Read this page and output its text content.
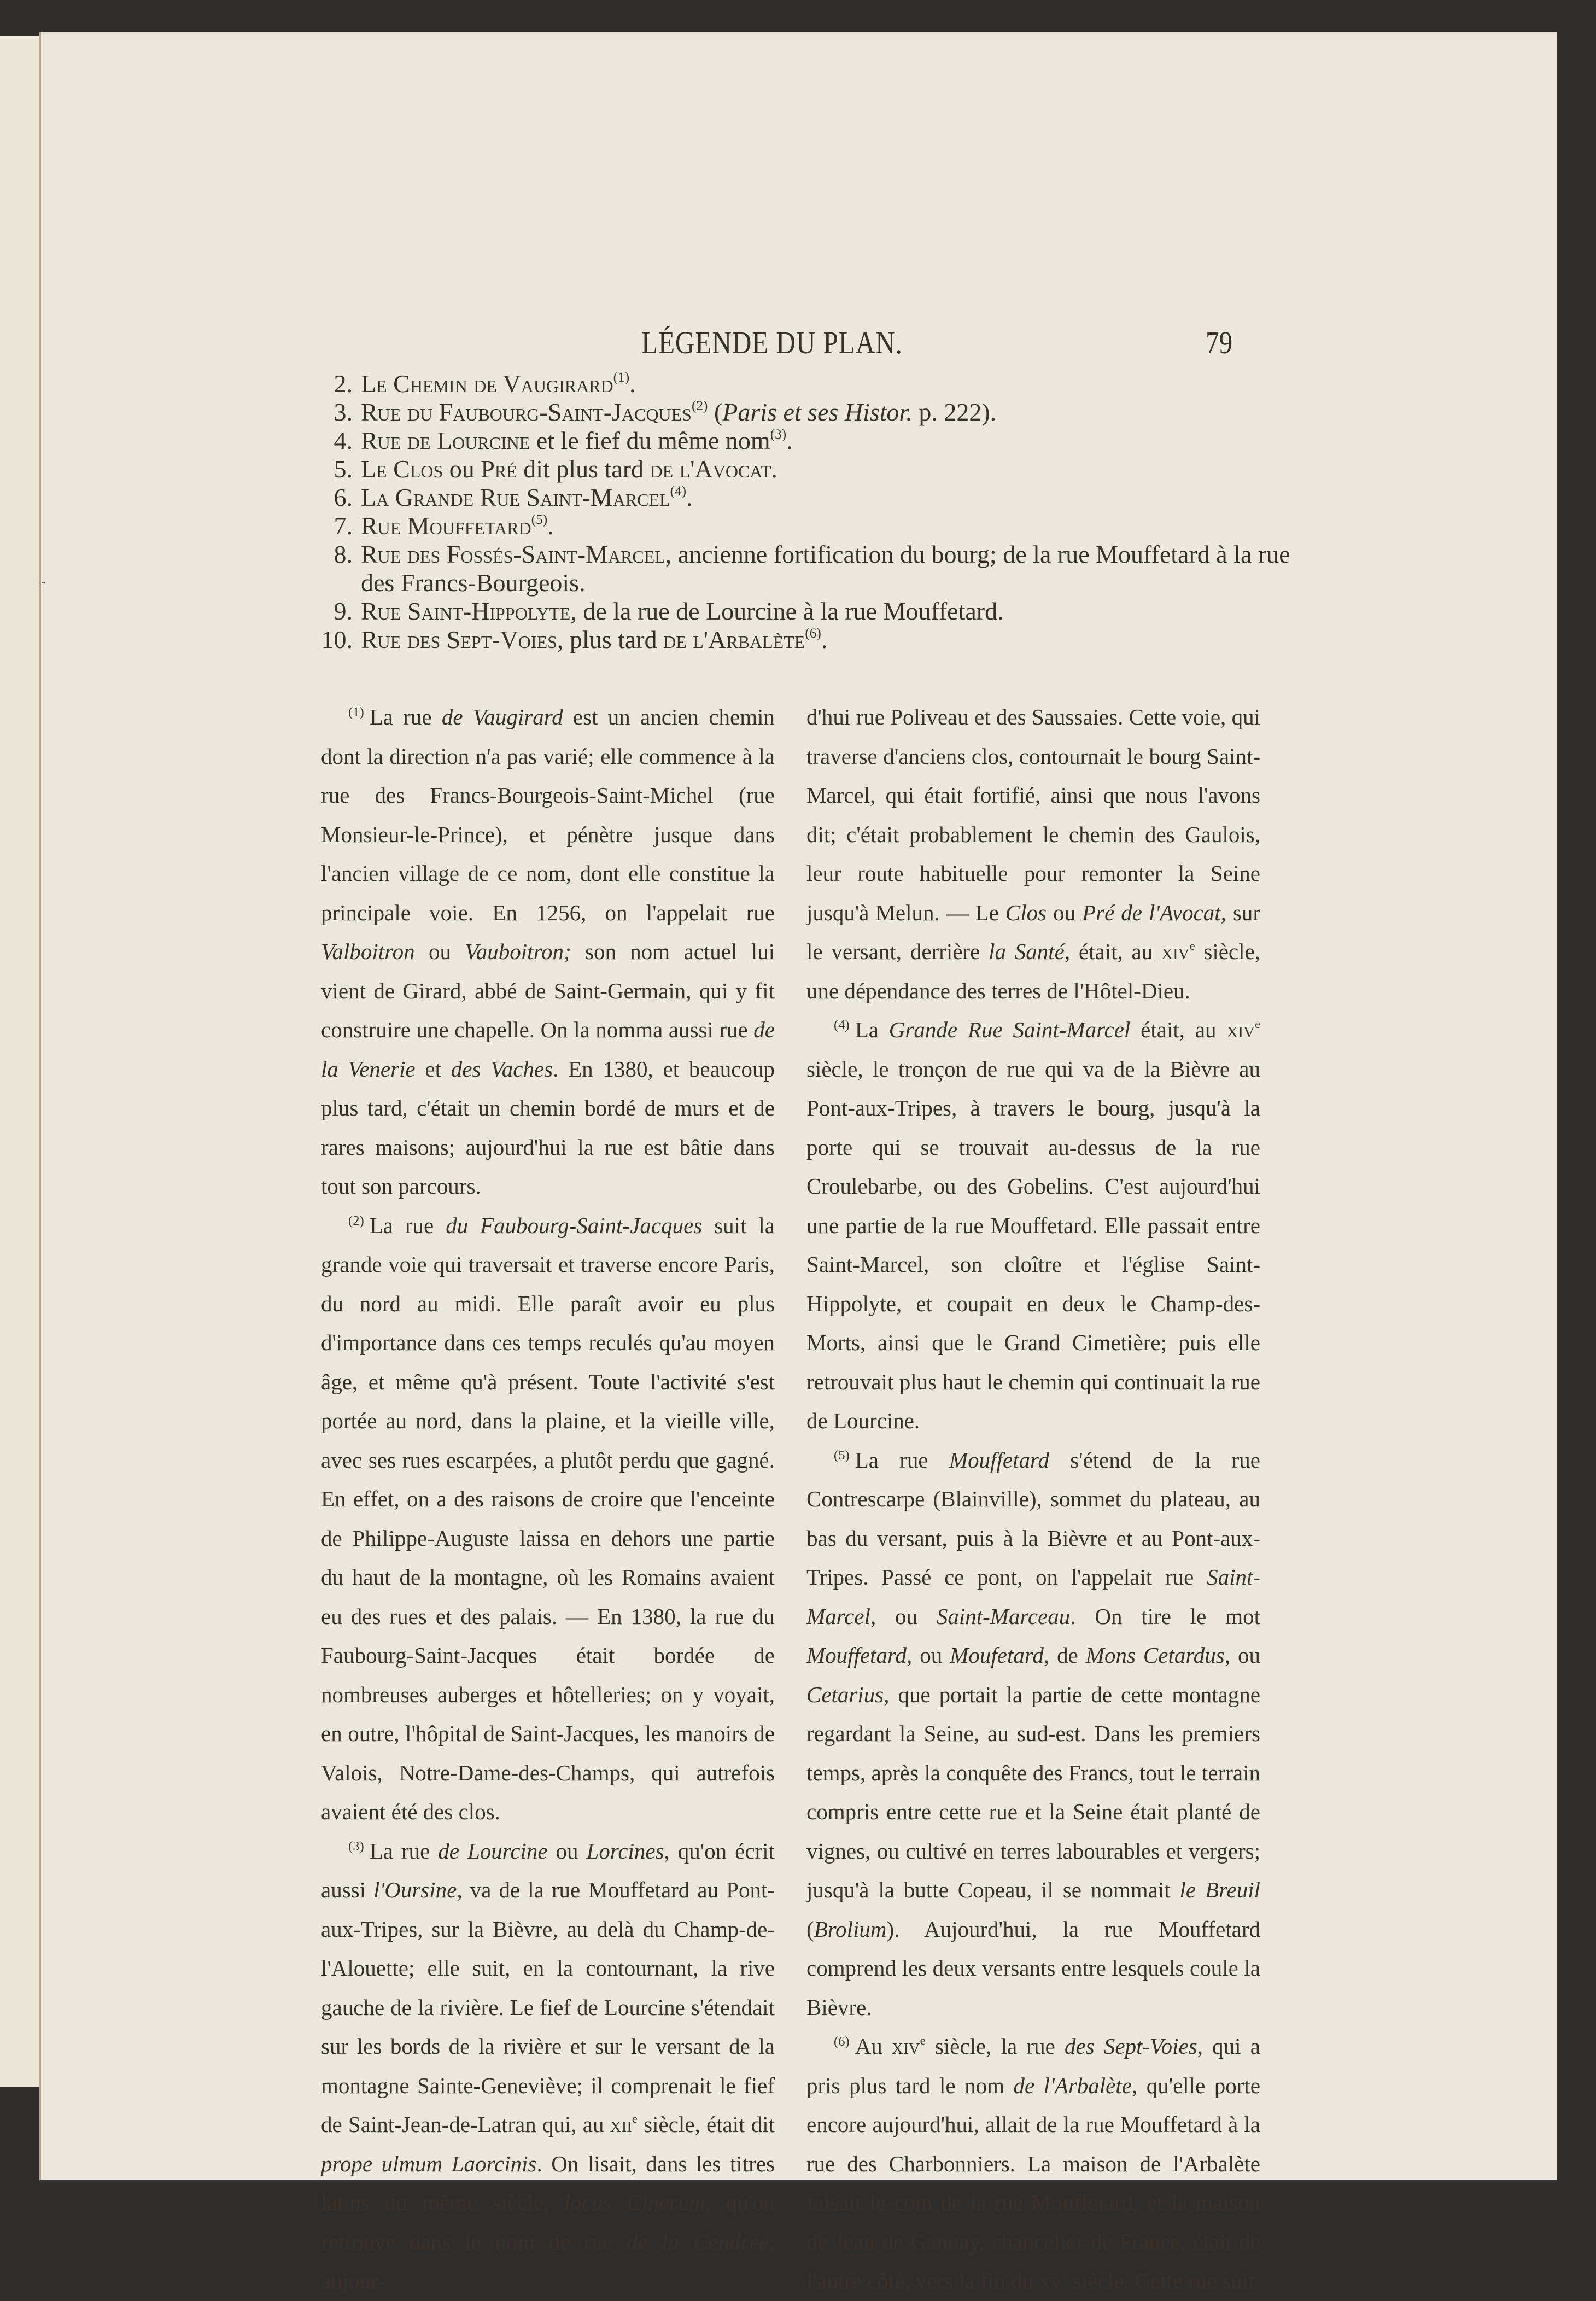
LÉGENDE DU PLAN.	79
2. Le Chemin de Vaugirard$^{(1)}$.
3. Rue du Faubourg-Saint-Jacques$^{(2)}$ (Paris et ses Histor. p. 222).
4. Rue de Lourcine et le fief du même nom$^{(3)}$.
5. Le Clos ou Pré dit plus tard de l'Avocat.
6. La Grande Rue Saint-Marcel$^{(4)}$.
7. Rue Mouffetard$^{(5)}$.
8. Rue des Fossés-Saint-Marcel, ancienne fortification du bourg; de la rue Mouffetard à la rue des Francs-Bourgeois.
9. Rue Saint-Hippolyte, de la rue de Lourcine à la rue Mouffetard.
10. Rue des Sept-Voies, plus tard de l'Arbalète$^{(6)}$.

$^{(1)}$ La rue de Vaugirard est un ancien chemin dont la direction n'a pas varié; elle commence à la rue des Francs-Bourgeois-Saint-Michel (rue Monsieur-le-Prince), et pénètre jusque dans l'ancien village de ce nom, dont elle constitue la principale voie. En 1256, on l'appelait rue Valboitron ou Vauboitron; son nom actuel lui vient de Girard, abbé de Saint-Germain, qui y fit construire une chapelle. On la nomma aussi rue de la Venerie et des Vaches. En 1380, et beaucoup plus tard, c'était un chemin bordé de murs et de rares maisons; aujourd'hui la rue est bâtie dans tout son parcours.

$^{(2)}$ La rue du Faubourg-Saint-Jacques suit la grande voie qui traversait et traverse encore Paris, du nord au midi. Elle paraît avoir eu plus d'importance dans ces temps reculés qu'au moyen âge, et même qu'à présent. Toute l'activité s'est portée au nord, dans la plaine, et la vieille ville, avec ses rues escarpées, a plutôt perdu que gagné. En effet, on a des raisons de croire que l'enceinte de Philippe-Auguste laissa en dehors une partie du haut de la montagne, où les Romains avaient eu des rues et des palais. — En 1380, la rue du Faubourg-Saint-Jacques était bordée de nombreuses auberges et hôtelleries; on y voyait, en outre, l'hôpital de Saint-Jacques, les manoirs de Valois, Notre-Dame-des-Champs, qui autrefois avaient été des clos.

$^{(3)}$ La rue de Lourcine ou Lorcines, qu'on écrit aussi l'Oursine, va de la rue Mouffetard au Pont-aux-Tripes, sur la Bièvre, au delà du Champ-de-l'Alouette; elle suit, en la contournant, la rive gauche de la rivière. Le fief de Lourcine s'étendait sur les bords de la rivière et sur le versant de la montagne Sainte-Geneviève; il comprenait le fief de Saint-Jean-de-Latran qui, au xii$^e$ siècle, était dit prope ulmum Laorcinis. On lisait, dans les titres latins du même siècle, locus Cinerum, qu'on retrouve dans le nom de rue de la Cendrée, aujour-

d'hui rue Poliveau et des Saussaies. Cette voie, qui traverse d'anciens clos, contournait le bourg Saint-Marcel, qui était fortifié, ainsi que nous l'avons dit; c'était probablement le chemin des Gaulois, leur route habituelle pour remonter la Seine jusqu'à Melun. — Le Clos ou Pré de l'Avocat, sur le versant, derrière la Santé, était, au xiv$^e$ siècle, une dépendance des terres de l'Hôtel-Dieu.

$^{(4)}$ La Grande Rue Saint-Marcel était, au xiv$^e$ siècle, le tronçon de rue qui va de la Bièvre au Pont-aux-Tripes, à travers le bourg, jusqu'à la porte qui se trouvait au-dessus de la rue Croulebarbe, ou des Gobelins. C'est aujourd'hui une partie de la rue Mouffetard. Elle passait entre Saint-Marcel, son cloître et l'église Saint-Hippolyte, et coupait en deux le Champ-des-Morts, ainsi que le Grand Cimetière; puis elle retrouvait plus haut le chemin qui continuait la rue de Lourcine.

$^{(5)}$ La rue Mouffetard s'étend de la rue Contrescarpe (Blainville), sommet du plateau, au bas du versant, puis à la Bièvre et au Pont-aux-Tripes. Passé ce pont, on l'appelait rue Saint-Marcel, ou Saint-Marceau. On tire le mot Mouffetard, ou Moufetard, de Mons Cetardus, ou Cetarius, que portait la partie de cette montagne regardant la Seine, au sud-est. Dans les premiers temps, après la conquête des Francs, tout le terrain compris entre cette rue et la Seine était planté de vignes, ou cultivé en terres labourables et vergers; jusqu'à la butte Copeau, il se nommait le Breuil (Brolium). Aujourd'hui, la rue Mouffetard comprend les deux versants entre lesquels coule la Bièvre.

$^{(6)}$ Au xiv$^e$ siècle, la rue des Sept-Voies, qui a pris plus tard le nom de l'Arbalète, qu'elle porte encore aujourd'hui, allait de la rue Mouffetard à la rue des Charbonniers. La maison de l'Arbalète faisait le coin de la rue Mouffetard, et la maison de Jean de Gannay, chancelier de France, était de l'autre côté, vers la fin du $xv^e$ siècle. Cette rue suit
